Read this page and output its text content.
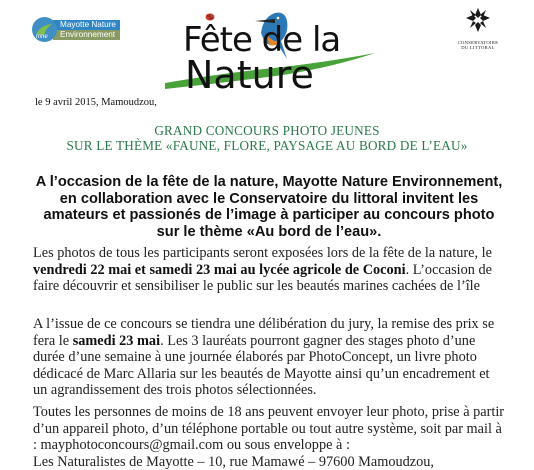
mne
Mayotte Nature
Environnement Fête de la
Nature
CONSERVATOIRE
DU LITTORAL
le 9 avril 2015, Mamoudzou,
GRAND CONCOURS PHOTO JEUNES
SUR LE THÈME «FAUNE, FLORE, PAYSAGE AU BORD DE L’EAU»
A l’occasion de la fête de la nature, Mayotte Nature Environnement, en collaboration avec le Conservatoire du littoral invitent les amateurs et passionés de l’image à participer au concours photo sur le thème «Au bord de l’eau».
Les photos de tous les participants seront exposées lors de la fête de la nature, le vendredi 22 mai et samedi 23 mai au lycée agricole de Coconi. L’occasion de faire découvrir et sensibiliser le public sur les beautés marines cachées de l’île
A l’issue de ce concours se tiendra une délibération du jury, la remise des prix se fera le samedi 23 mai. Les 3 lauréats pourront gagner des stages photo d’une durée d’une semaine à une journée élaborés par PhotoConcept, un livre photo dédicacé de Marc Allaria sur les beautés de Mayotte ainsi qu’un encadrement et un agrandissement des trois photos sélectionnées.
Toutes les personnes de moins de 18 ans peuvent envoyer leur photo, prise à partir d’un appareil photo, d’un téléphone portable ou tout autre système, soit par mail à : mayphotoconcours@gmail.com ou sous enveloppe à :
Les Naturalistes de Mayotte – 10, rue Mamawé – 97600 Mamoudzou,
